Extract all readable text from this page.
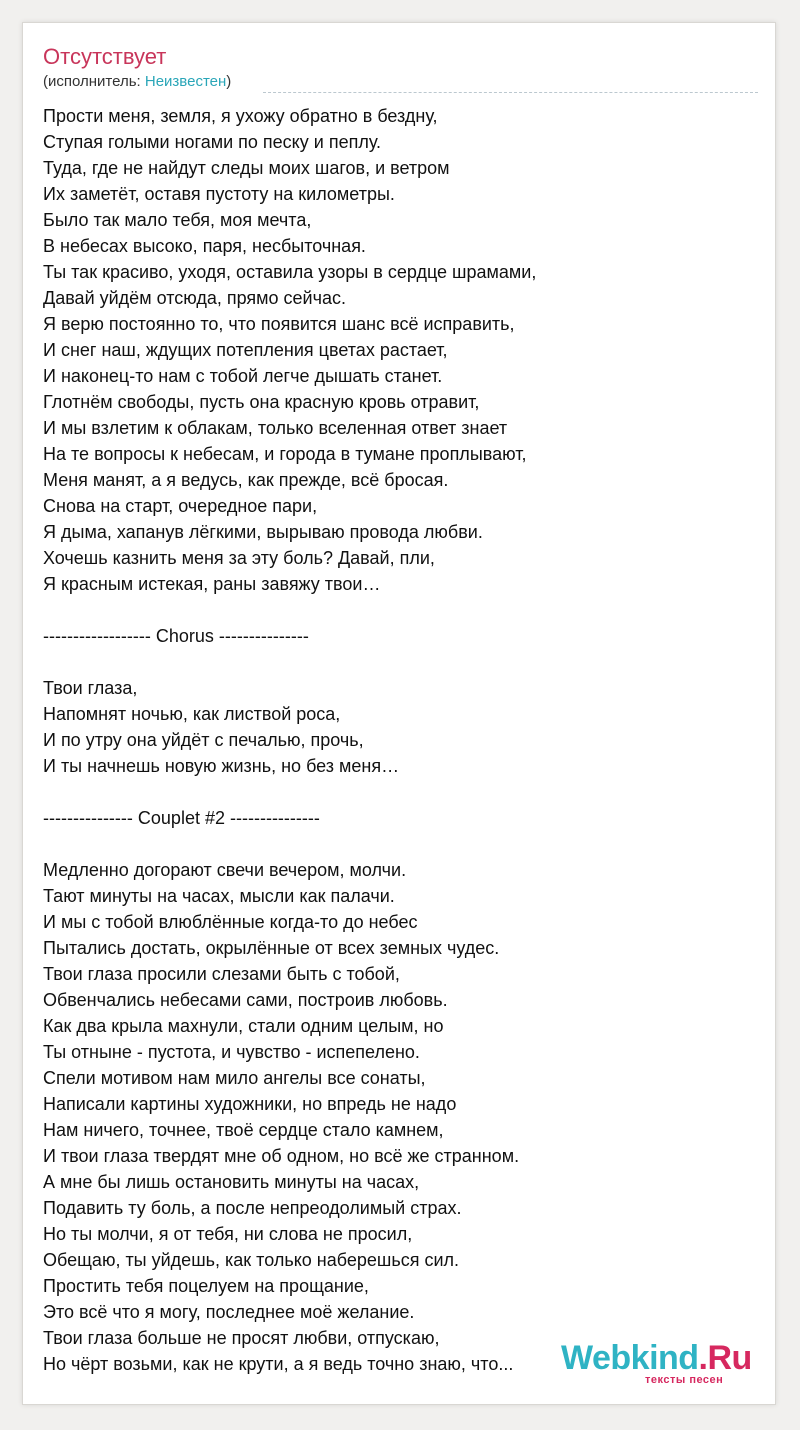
Отсутствует
(исполнитель: Неизвестен)
Прости меня, земля, я ухожу обратно в бездну,
Ступая голыми ногами по песку и пеплу.
Туда, где не найдут следы моих шагов, и ветром
Их заметёт, оставя пустоту на километры.
Было так мало тебя, моя мечта,
В небесах высоко, паря, несбыточная.
Ты так красиво, уходя, оставила узоры в сердце шрамами,
Давай уйдём отсюда, прямо сейчас.
Я верю постоянно то, что появится шанс всё исправить,
И снег наш, ждущих потепления цветах растает,
И наконец-то нам с тобой легче дышать станет.
Глотнём свободы, пусть она красную кровь отравит,
И мы взлетим к облакам, только вселенная ответ знает
На те вопросы к небесам, и города в тумане проплывают,
Меня манят, а я ведусь, как прежде, всё бросая.
Снова на старт, очередное пари,
Я дыма, хапанув лёгкими, вырываю провода любви.
Хочешь казнить меня за эту боль? Давай, пли,
Я красным истекая, раны завяжу твои…
------------------ Chorus ---------------
Твои глаза,
Напомнят ночью, как листвой роса,
И по утру она уйдёт с печалью, прочь,
И ты начнешь новую жизнь, но без меня…
--------------- Couplet #2 ---------------
Медленно догорают свечи вечером, молчи.
Тают минуты на часах, мысли как палачи.
И мы с тобой влюблённые когда-то до небес
Пытались достать, окрылённые от всех земных чудес.
Твои глаза просили слезами быть с тобой,
Обвенчались небесами сами, построив любовь.
Как два крыла махнули, стали одним целым, но
Ты отныне - пустота, и чувство - испепелено.
Спели мотивом нам мило ангелы все сонаты,
Написали картины художники, но впредь не надо
Нам ничего, точнее, твоё сердце стало камнем,
И твои глаза твердят мне об одном, но всё же странном.
А мне бы лишь остановить минуты на часах,
Подавить ту боль, а после непреодолимый страх.
Но ты молчи, я от тебя, ни слова не просил,
Обещаю, ты уйдешь, как только наберешься сил.
Простить тебя поцелуем на прощание,
Это всё что я могу, последнее моё желание.
Твои глаза больше не просят любви, отпускаю,
Но чёрт возьми, как не крути, а я ведь точно знаю, что...	Webkind.Ru
тексты песен
